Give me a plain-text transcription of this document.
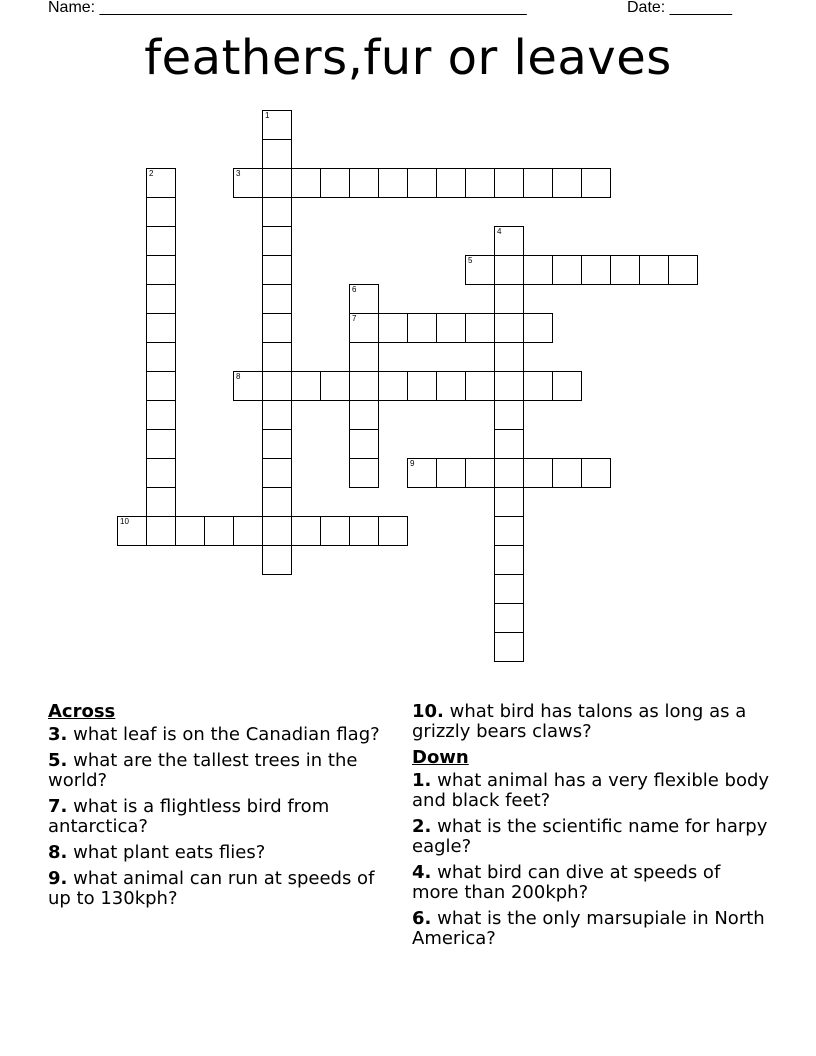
Name: ________________________________________________	Date: _______
feathers,fur or leaves
1
2	3
4
5
6
7
8
9
10
Across
3. what leaf is on the Canadian flag?
5. what are the tallest trees in the world?
7. what is a flightless bird from antarctica?
8. what plant eats flies?
9. what animal can run at speeds of up to 130kph?
10. what bird has talons as long as a grizzly bears claws?
Down
1. what animal has a very flexible body and black feet?
2. what is the scientific name for harpy eagle?
4. what bird can dive at speeds of more than 200kph?
6. what is the only marsupiale in North America?
